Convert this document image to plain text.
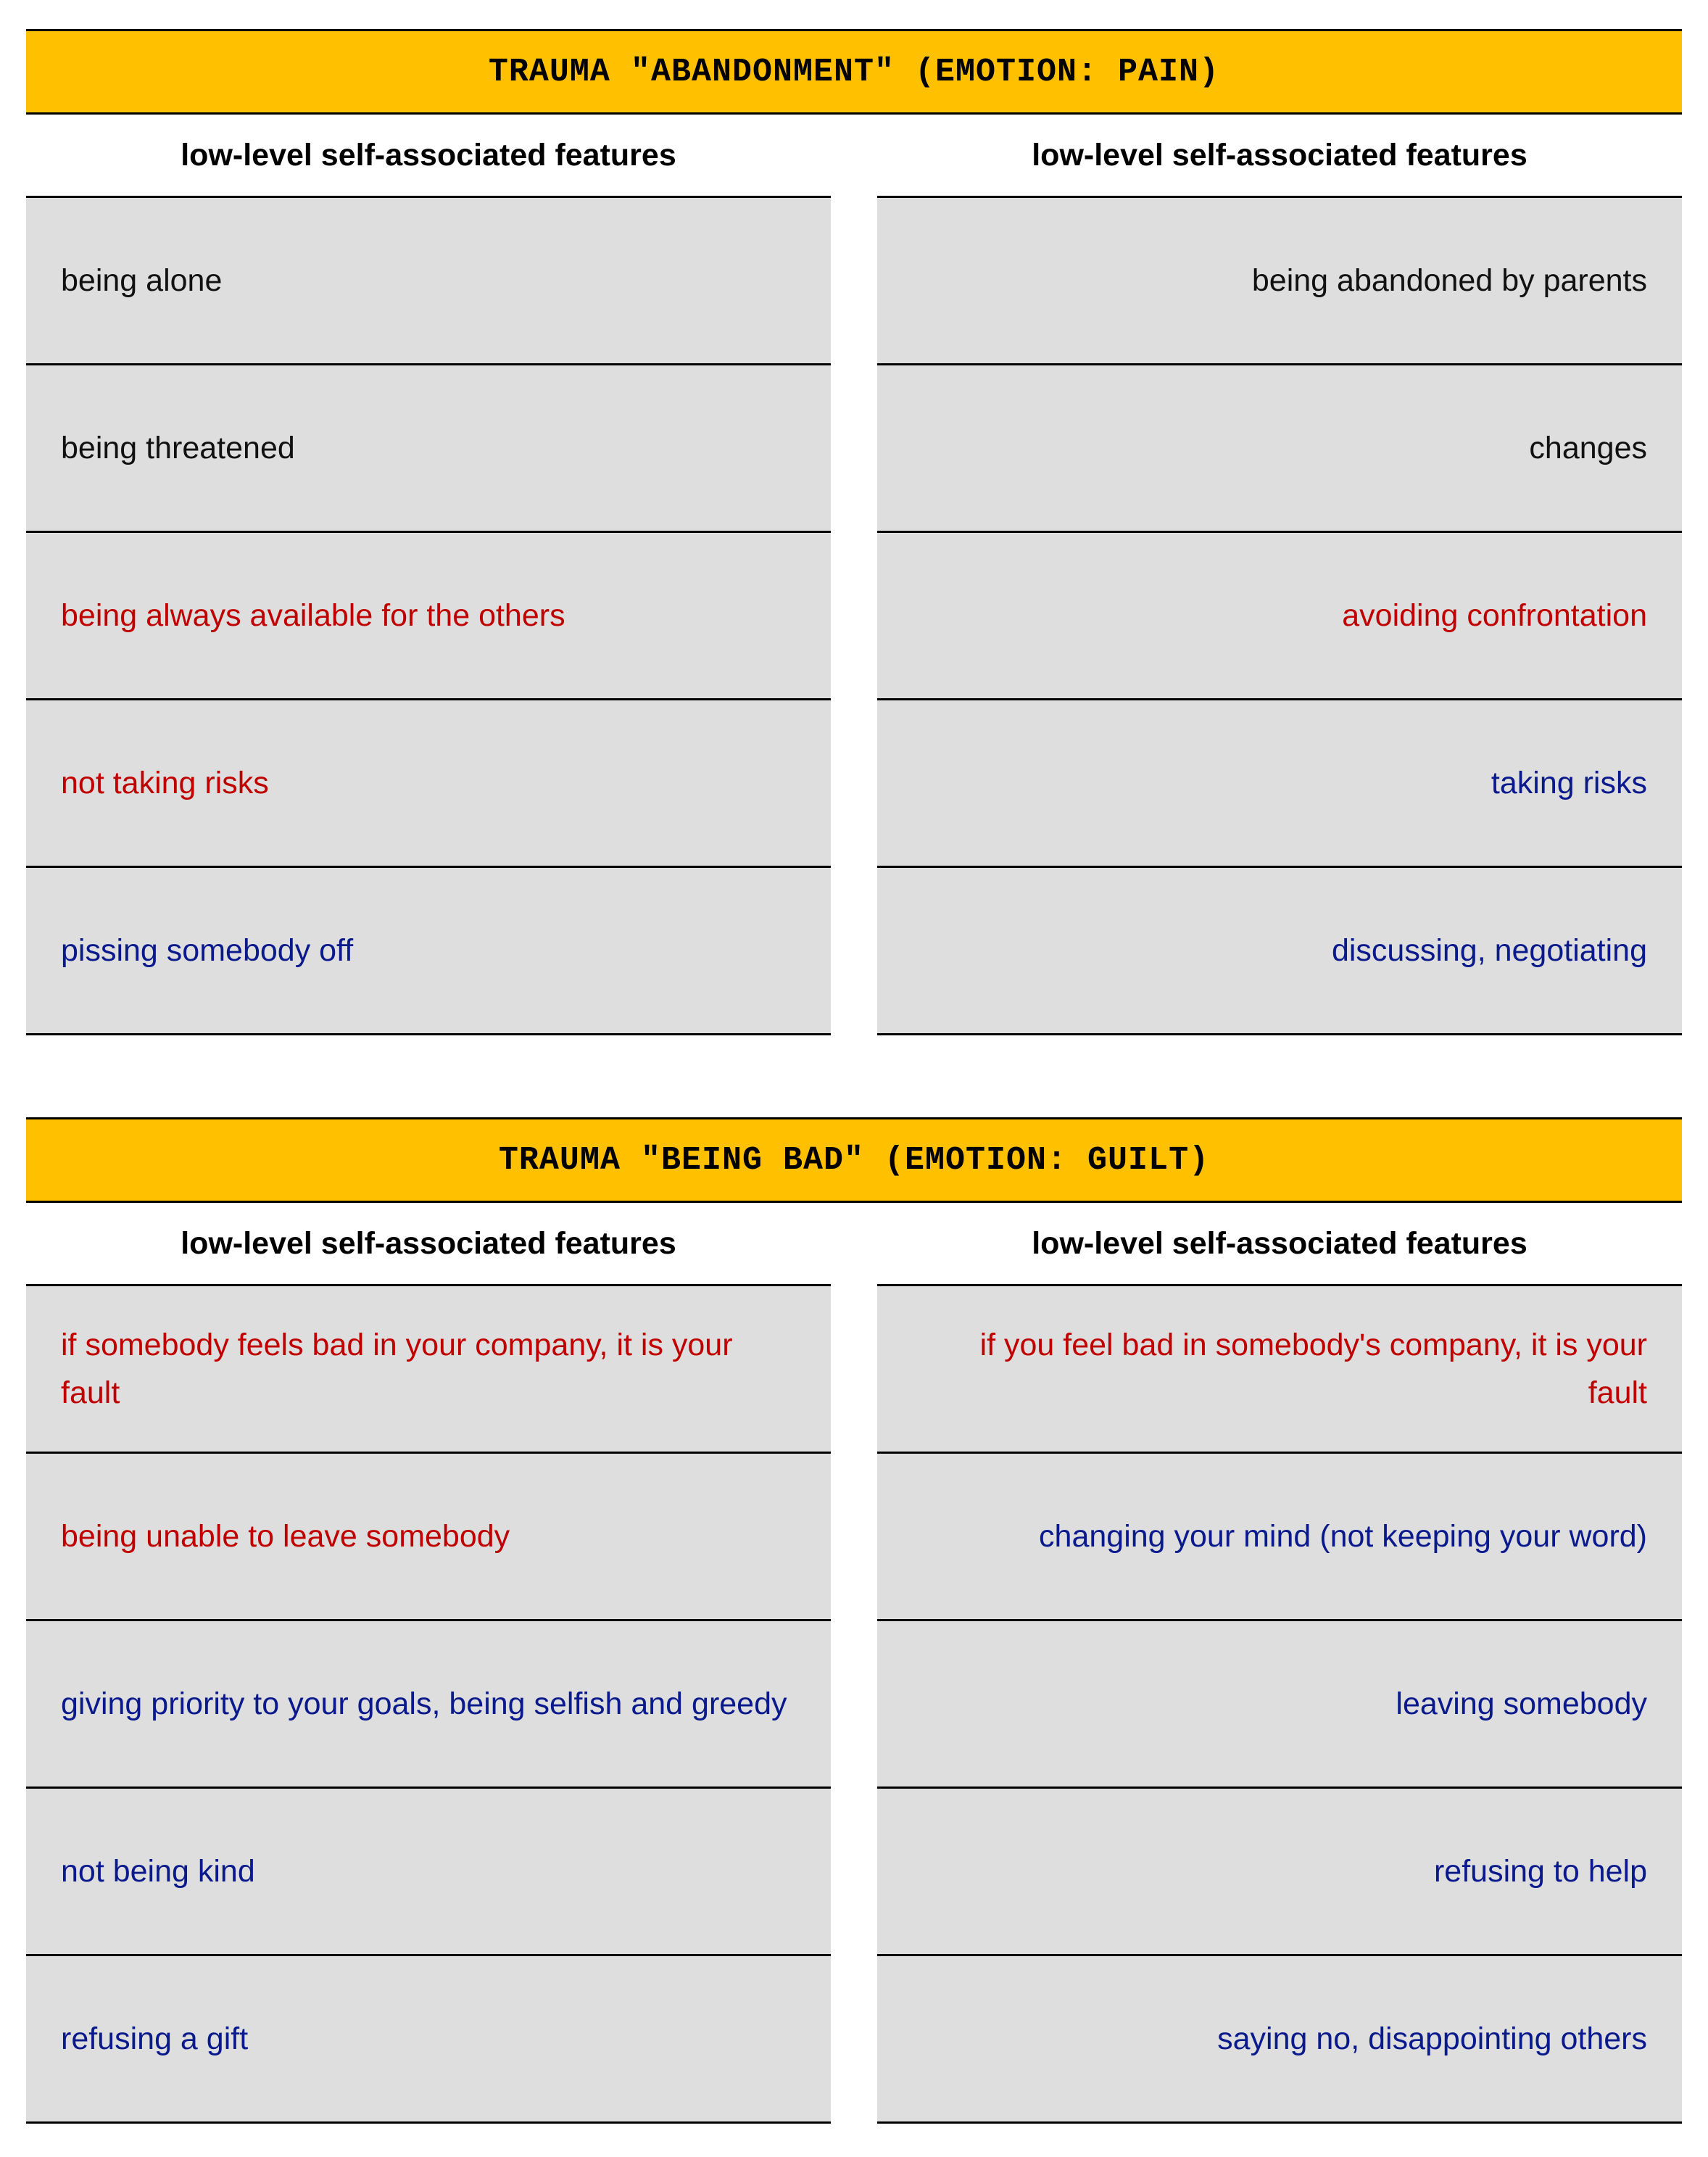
TRAUMA "ABANDONMENT" (EMOTION: PAIN)
low-level self-associated features
being alone
being threatened
being always available for the others
not taking risks
pissing somebody off
low-level self-associated features
being abandoned by parents
changes
avoiding confrontation
taking risks
discussing, negotiating
TRAUMA "BEING BAD" (EMOTION: GUILT)
low-level self-associated features
if somebody feels bad in your company, it is your fault
being unable to leave somebody
giving priority to your goals, being selfish and greedy
not being kind
refusing a gift
low-level self-associated features
if you feel bad in somebody's company, it is your fault
changing your mind (not keeping your word)
leaving somebody
refusing to help
saying no, disappointing others
